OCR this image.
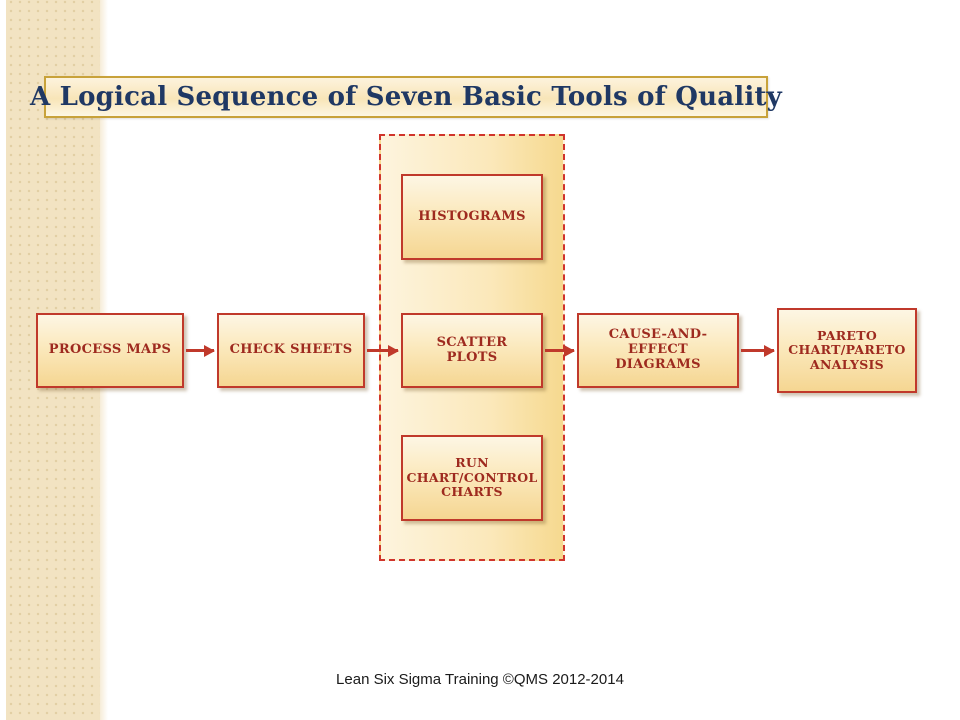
A Logical Sequence of Seven Basic Tools of Quality
PROCESS MAPS	CHECK SHEETS
HISTOGRAMS
SCATTER PLOTS
RUN CHART/CONTROL CHARTS
CAUSE-AND-EFFECT DIAGRAMS
PARETO CHART/PARETO ANALYSIS
Lean Six Sigma Training ©QMS 2012-2014
